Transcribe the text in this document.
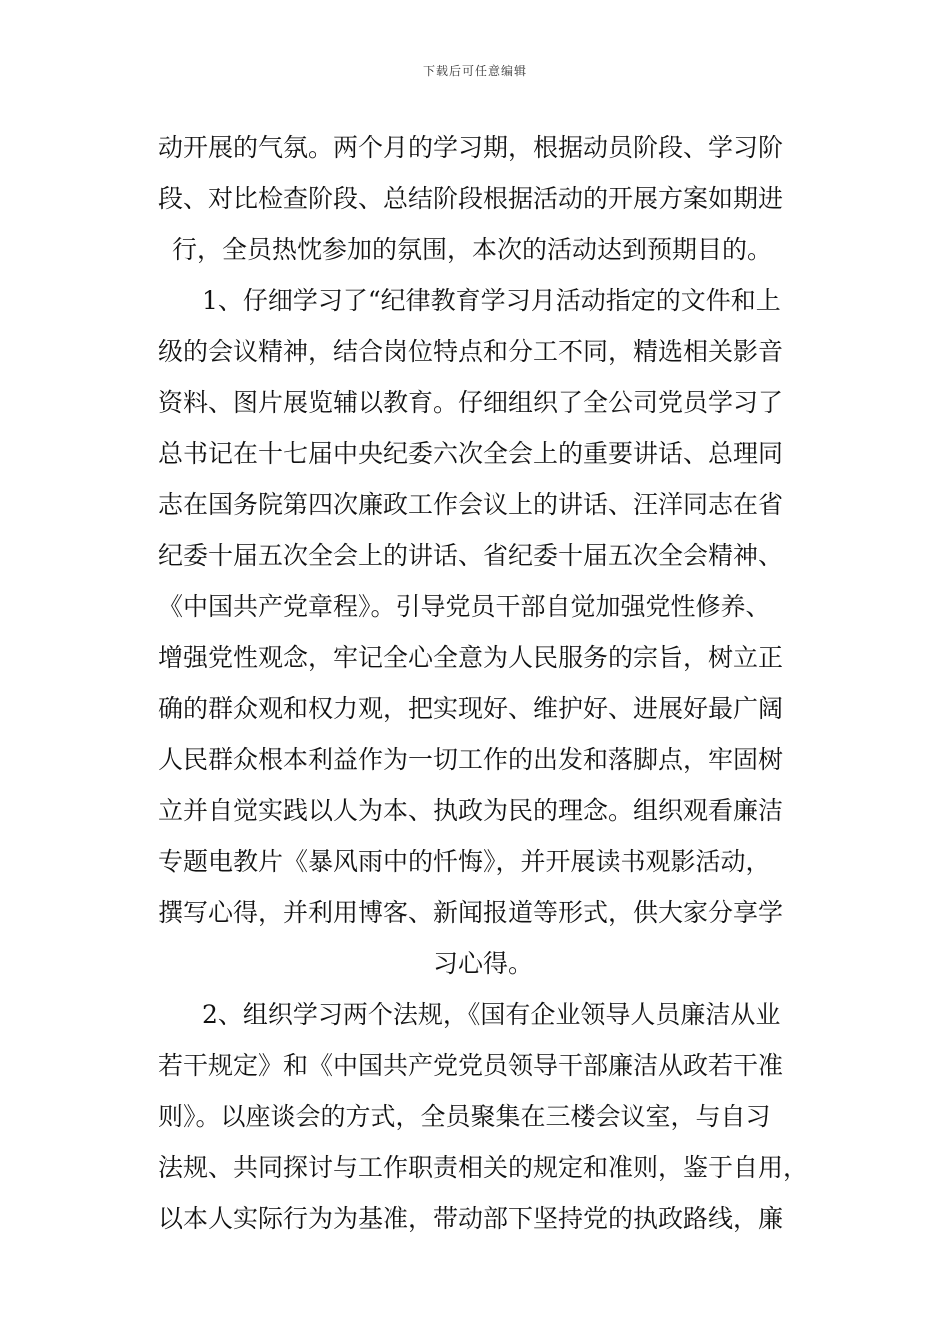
下载后可任意编辑
动开展的气氛。两个月的学习期，根据动员阶段、学习阶
段、对比检查阶段、总结阶段根据活动的开展方案如期进
行，全员热忱参加的氛围，本次的活动达到预期目的。
1、仔细学习了“纪律教育学习月活动指定的文件和上
级的会议精神，结合岗位特点和分工不同，精选相关影音
资料、图片展览辅以教育。仔细组织了全公司党员学习了
总书记在十七届中央纪委六次全会上的重要讲话、总理同
志在国务院第四次廉政工作会议上的讲话、汪洋同志在省
纪委十届五次全会上的讲话、省纪委十届五次全会精神、
《中国共产党章程》。引导党员干部自觉加强党性修养、
增强党性观念，牢记全心全意为人民服务的宗旨，树立正
确的群众观和权力观，把实现好、维护好、进展好最广阔
人民群众根本利益作为一切工作的出发和落脚点，牢固树
立并自觉实践以人为本、执政为民的理念。组织观看廉洁
专题电教片《暴风雨中的忏悔》，并开展读书观影活动，
撰写心得，并利用博客、新闻报道等形式，供大家分享学
习心得。
2、组织学习两个法规，《国有企业领导人员廉洁从业
若干规定》和《中国共产党党员领导干部廉洁从政若干准
则》。以座谈会的方式，全员聚集在三楼会议室，与自习
法规、共同探讨与工作职责相关的规定和准则，鉴于自用，
以本人实际行为为基准，带动部下坚持党的执政路线，廉
